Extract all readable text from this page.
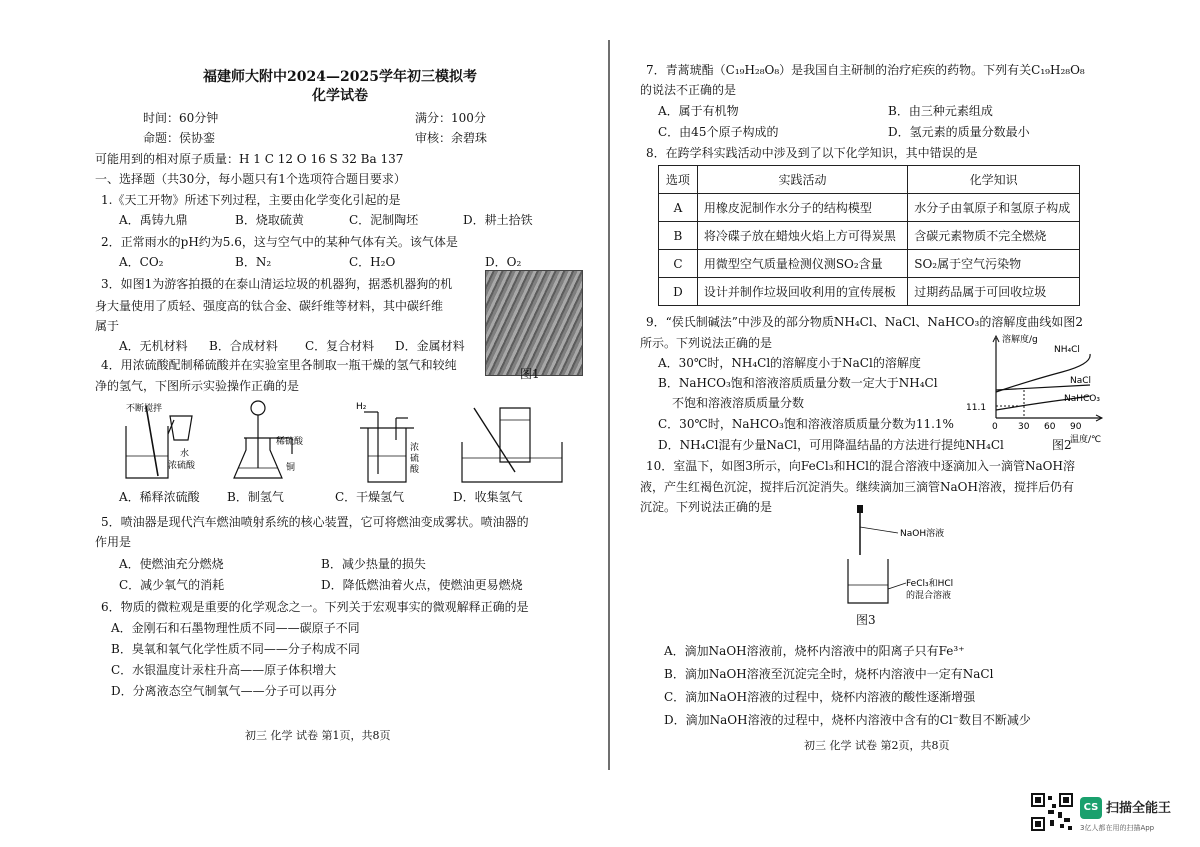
福建师大附中2024—2025学年初三模拟考
化学试卷
时间：60分钟	满分：100分
命题：侯协銮	审核：余碧珠
可能用到的相对原子质量：H 1 C 12 O 16 S 32 Ba 137
一、选择题（共30分，每小题只有1个选项符合题目要求）
1.《天工开物》所述下列过程，主要由化学变化引起的是
A．禹铸九鼎	B．烧取硫黄	C．泥制陶坯	D．耕土拾铁
2．正常雨水的pH约为5.6，这与空气中的某种气体有关。该气体是
A．CO₂	B．N₂	C．H₂O	D．O₂
3．如图1为游客拍摄的在泰山清运垃圾的机器狗，据悉机器狗的机
身大量使用了质轻、强度高的钛合金、碳纤维等材料，其中碳纤维
属于
A．无机材料 B．合成材料 C．复合材料 D．金属材料
图1
4．用浓硫酸配制稀硫酸并在实验室里各制取一瓶干燥的氢气和较纯
净的氢气，下图所示实验操作正确的是
不断搅拌
水
浓硫酸
稀硫酸
铜
H₂
浓
硫
酸
A．稀释浓硫酸 B．制氢气	C．干燥氢气	D．收集氢气
5．喷油器是现代汽车燃油喷射系统的核心装置，它可将燃油变成雾状。喷油器的
作用是
A．使燃油充分燃烧	B．减少热量的损失
C．减少氧气的消耗	D．降低燃油着火点，使燃油更易燃烧
6．物质的微粒观是重要的化学观念之一。下列关于宏观事实的微观解释正确的是
A．金刚石和石墨物理性质不同——碳原子不同
B．臭氧和氧气化学性质不同——分子构成不同
C．水银温度计汞柱升高——原子体积增大
D．分离液态空气制氧气——分子可以再分
初三 化学 试卷 第1页，共8页
7．青蒿琥酯（C₁₉H₂₈O₈）是我国自主研制的治疗疟疾的药物。下列有关C₁₉H₂₈O₈
的说法不正确的是
A．属于有机物	B．由三种元素组成
C．由45个原子构成的	D．氢元素的质量分数最小
8．在跨学科实践活动中涉及到了以下化学知识，其中错误的是
选项	实践活动	化学知识
A	用橡皮泥制作水分子的结构模型	水分子由氧原子和氢原子构成
B	将冷碟子放在蜡烛火焰上方可得炭黑	含碳元素物质不完全燃烧
C	用微型空气质量检测仪测SO₂含量	SO₂属于空气污染物
D	设计并制作垃圾回收利用的宣传展板	过期药品属于可回收垃圾
9．“侯氏制碱法”中涉及的部分物质NH₄Cl、NaCl、NaHCO₃的溶解度曲线如图2
所示。下列说法正确的是
A．30℃时，NH₄Cl的溶解度小于NaCl的溶解度
B．NaHCO₃饱和溶液溶质质量分数一定大于NH₄Cl
不饱和溶液溶质质量分数
C．30℃时，NaHCO₃饱和溶液溶质质量分数为11.1%
D．NH₄Cl混有少量NaCl，可用降温结晶的方法进行提纯NH₄Cl
溶解度/g
11.1
0 30 60 90
温度/℃
NH₄Cl
NaCl
NaHCO₃
图2
10．室温下，如图3所示，向FeCl₃和HCl的混合溶液中逐滴加入一滴管NaOH溶
液，产生红褐色沉淀，搅拌后沉淀消失。继续滴加三滴管NaOH溶液，搅拌后仍有
沉淀。下列说法正确的是
NaOH溶液
FeCl₃和HCl
的混合溶液
图3
A．滴加NaOH溶液前，烧杯内溶液中的阳离子只有Fe³⁺
B．滴加NaOH溶液至沉淀完全时，烧杯内溶液中一定有NaCl
C．滴加NaOH溶液的过程中，烧杯内溶液的酸性逐渐增强
D．滴加NaOH溶液的过程中，烧杯内溶液中含有的Cl⁻数目不断减少
初三 化学 试卷 第2页，共8页
CS 扫描全能王
3亿人都在用的扫描App
